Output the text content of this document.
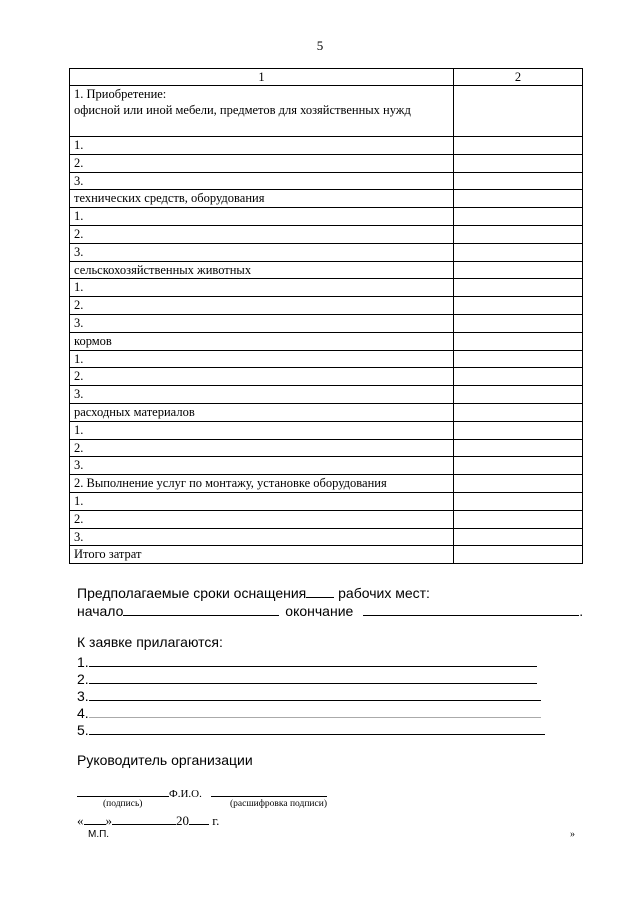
5
1	2

1. Приобретение:
офисной или иной мебели, предметов для хозяйственных нужд	

1.	
2.	
3.	
технических средств, оборудования	
1.	
2.	
3.	
сельскохозяйственных животных	
1.	
2.	
3.	
кормов	
1.	
2.	
3.	
расходных материалов	
1.	
2.	
3.	
2. Выполнение услуг по монтажу, установке оборудования	
1.	
2.	
3.	
Итого затрат	
Предполагаемые сроки оснащения рабочих мест:
начало	окончание	.
К заявке прилагаются:
1.
2.
3.
4.
5.
Руководитель организации
Ф.И.О.
(подпись)	(расшифровка подписи)
« »	20 г.
М.П.	»
